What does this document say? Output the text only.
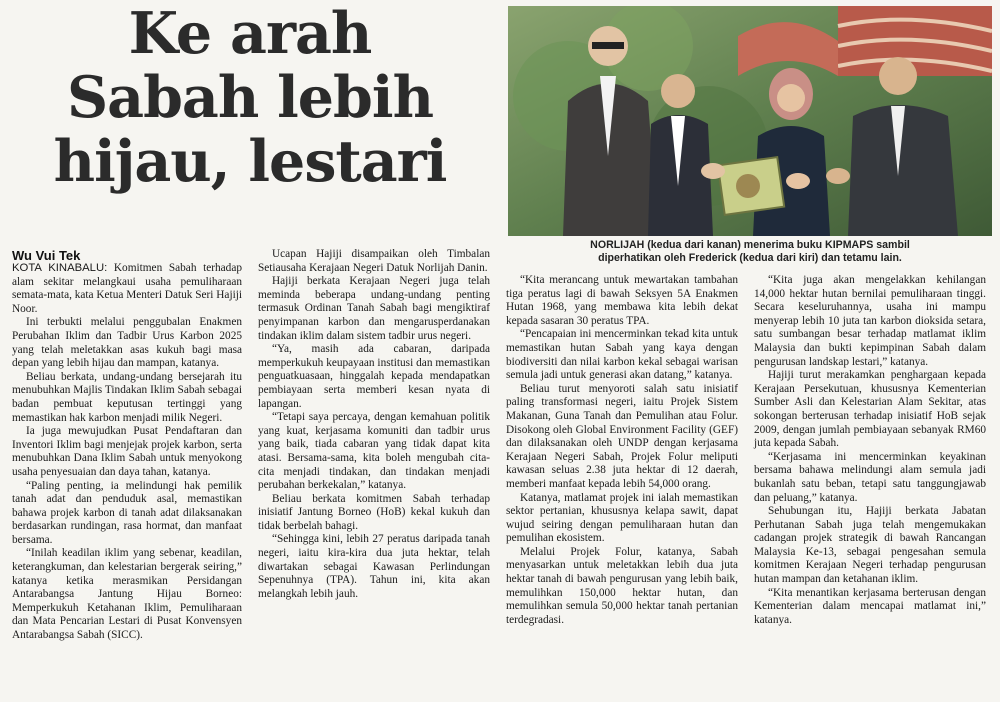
Ke arah
Sabah lebih
hijau, lestari
NORLIJAH (kedua dari kanan) menerima buku KIPMAPS sambil
diperhatikan oleh Frederick (kedua dari kiri) dan tetamu lain.
Wu Vui Tek

KOTA KINABALU: Komitmen Sabah terhadap alam sekitar melangkaui usaha pemuliharaan semata-mata, kata Ketua Menteri Datuk Seri Hajiji Noor.

Ini terbukti melalui penggubalan Enakmen Perubahan Iklim dan Tadbir Urus Karbon 2025 yang telah meletakkan asas kukuh bagi masa depan yang lebih hijau dan mampan, katanya.

Beliau berkata, undang-undang bersejarah itu menubuhkan Majlis Tindakan Iklim Sabah sebagai badan pembuat keputusan tertinggi yang memastikan hak karbon menjadi milik Negeri.

Ia juga mewujudkan Pusat Pendaftaran dan Inventori Iklim bagi menjejak projek karbon, serta menubuhkan Dana Iklim Sabah untuk menyokong usaha penyesuaian dan daya tahan, katanya.

“Paling penting, ia melindungi hak pemilik tanah adat dan penduduk asal, memastikan bahawa projek karbon di tanah adat dilaksanakan berdasarkan rundingan, rasa hormat, dan manfaat bersama.

“Inilah keadilan iklim yang sebenar, keadilan, keterangkuman, dan kelestarian bergerak seiring,” katanya ketika merasmikan Persidangan Antarabangsa Jantung Hijau Borneo: Memperkukuh Ketahanan Iklim, Pemuliharaan dan Mata Pencarian Lestari di Pusat Konvensyen Antarabangsa Sabah (SICC).

Ucapan Hajiji disampaikan oleh Timbalan Setiausaha Kerajaan Negeri Datuk Norlijah Danin.

Hajiji berkata Kerajaan Negeri juga telah meminda beberapa undang-undang penting termasuk Ordinan Tanah Sabah bagi mengiktiraf penyimpanan karbon dan mengarusperdanakan tindakan iklim dalam sistem tadbir urus negeri.

“Ya, masih ada cabaran, daripada memperkukuh keupayaan institusi dan memastikan penguatkuasaan, hinggalah kepada mendapatkan pembiayaan serta memberi kesan nyata di lapangan.

“Tetapi saya percaya, dengan kemahuan politik yang kuat, kerjasama komuniti dan tadbir urus yang baik, tiada cabaran yang tidak dapat kita atasi. Bersama-sama, kita boleh mengubah cita-cita menjadi tindakan, dan tindakan menjadi perubahan berkekalan,” katanya.

Beliau berkata komitmen Sabah terhadap inisiatif Jantung Borneo (HoB) kekal kukuh dan tidak berbelah bahagi.

“Sehingga kini, lebih 27 peratus daripada tanah negeri, iaitu kira-kira dua juta hektar, telah diwartakan sebagai Kawasan Perlindungan Sepenuhnya (TPA). Tahun ini, kita akan melangkah lebih jauh.

“Kita merancang untuk mewartakan tambahan tiga peratus lagi di bawah Seksyen 5A Enakmen Hutan 1968, yang membawa kita lebih dekat kepada sasaran 30 peratus TPA.

“Pencapaian ini mencerminkan tekad kita untuk memastikan hutan Sabah yang kaya dengan biodiversiti dan nilai karbon kekal sebagai warisan semula jadi untuk generasi akan datang,” katanya.

Beliau turut menyoroti salah satu inisiatif paling transformasi negeri, iaitu Projek Sistem Makanan, Guna Tanah dan Pemulihan atau Folur. Disokong oleh Global Environment Facility (GEF) dan dilaksanakan oleh UNDP dengan kerjasama Kerajaan Negeri Sabah, Projek Folur meliputi kawasan seluas 2.38 juta hektar di 12 daerah, memberi manfaat kepada lebih 54,000 orang.

Katanya, matlamat projek ini ialah memastikan sektor pertanian, khususnya kelapa sawit, dapat wujud seiring dengan pemuliharaan hutan dan pemulihan ekosistem.

Melalui Projek Folur, katanya, Sabah menyasarkan untuk meletakkan lebih dua juta hektar tanah di bawah pengurusan yang lebih baik, memulihkan 150,000 hektar hutan, dan memulihkan semula 50,000 hektar tanah pertanian terdegradasi.

“Kita juga akan mengelakkan kehilangan 14,000 hektar hutan bernilai pemuliharaan tinggi. Secara keseluruhannya, usaha ini mampu menyerap lebih 10 juta tan karbon dioksida setara, satu sumbangan besar terhadap matlamat iklim Malaysia dan bukti kepimpinan Sabah dalam pengurusan landskap lestari,” katanya.

Hajiji turut merakamkan penghargaan kepada Kerajaan Persekutuan, khususnya Kementerian Sumber Asli dan Kelestarian Alam Sekitar, atas sokongan berterusan terhadap inisiatif HoB sejak 2009, dengan jumlah pembiayaan sebanyak RM60 juta kepada Sabah.

“Kerjasama ini mencerminkan keyakinan bersama bahawa melindungi alam semula jadi bukanlah satu beban, tetapi satu tanggungjawab dan peluang,” katanya.

Sehubungan itu, Hajiji berkata Jabatan Perhutanan Sabah juga telah mengemukakan cadangan projek strategik di bawah Rancangan Malaysia Ke-13, sebagai pengesahan semula komitmen Kerajaan Negeri terhadap pengurusan hutan mampan dan ketahanan iklim.

“Kita menantikan kerjasama berterusan dengan Kementerian dalam mencapai matlamat ini,” katanya.
